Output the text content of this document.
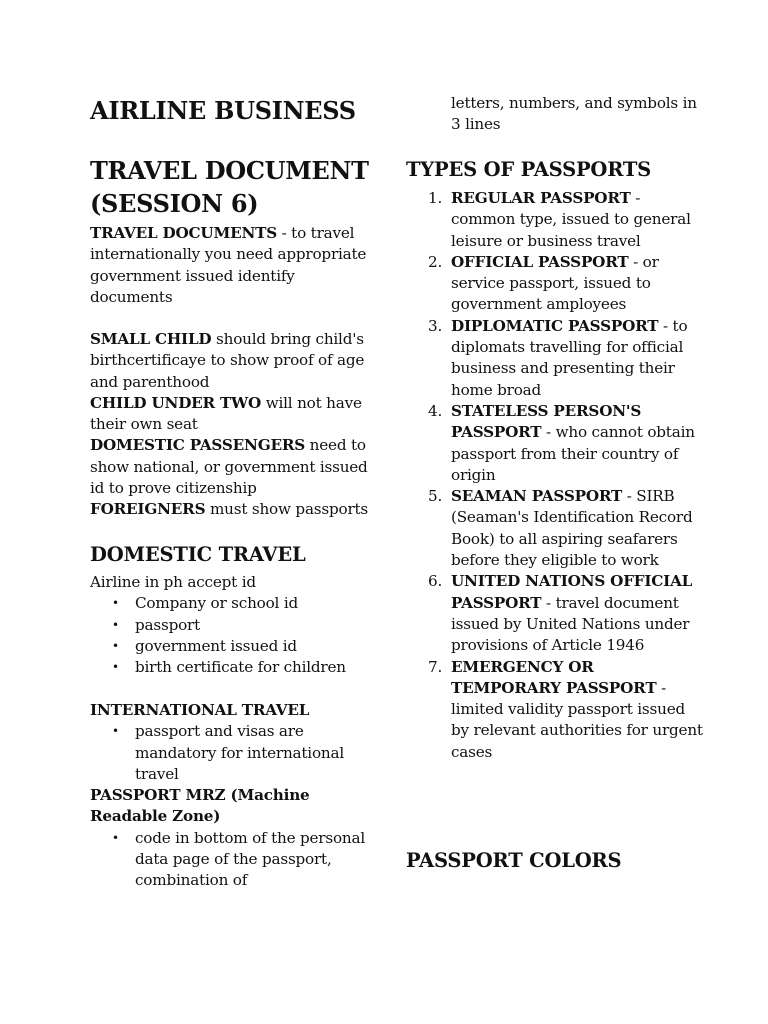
AIRLINE BUSINESS
TRAVEL DOCUMENT
(SESSION 6)

TRAVEL DOCUMENTS - to travel internationally you need appropriate government issued identify documents

SMALL CHILD should bring child's birthcertificaye to show proof of age and parenthood

CHILD UNDER TWO will not have their own seat

DOMESTIC PASSENGERS need to show national, or government issued id to prove citizenship

FOREIGNERS must show passports

DOMESTIC TRAVEL

Airline in ph accept id

• Company or school id
• passport
• government issued id
• birth certificate for children

INTERNATIONAL TRAVEL

• passport and visas are mandatory for international travel

PASSPORT MRZ (Machine Readable Zone)

• code in bottom of the personal data page of the passport, combination of

letters, numbers, and symbols in 3 lines

TYPES OF PASSPORTS
1. REGULAR PASSPORT - common type, issued to general leisure or business travel
2. OFFICIAL PASSPORT - or service passport, issued to government amployees
3. DIPLOMATIC PASSPORT - to diplomats travelling for official business and presenting their home broad
4. STATELESS PERSON'S PASSPORT - who cannot obtain passport from their country of origin
5. SEAMAN PASSPORT - SIRB (Seaman's Identification Record Book) to all aspiring seafarers before they eligible to work
6. UNITED NATIONS OFFICIAL PASSPORT - travel document issued by United Nations under provisions of Article 1946
7. EMERGENCY OR TEMPORARY PASSPORT - limited validity passport issued by relevant authorities for urgent cases
PASSPORT COLORS
